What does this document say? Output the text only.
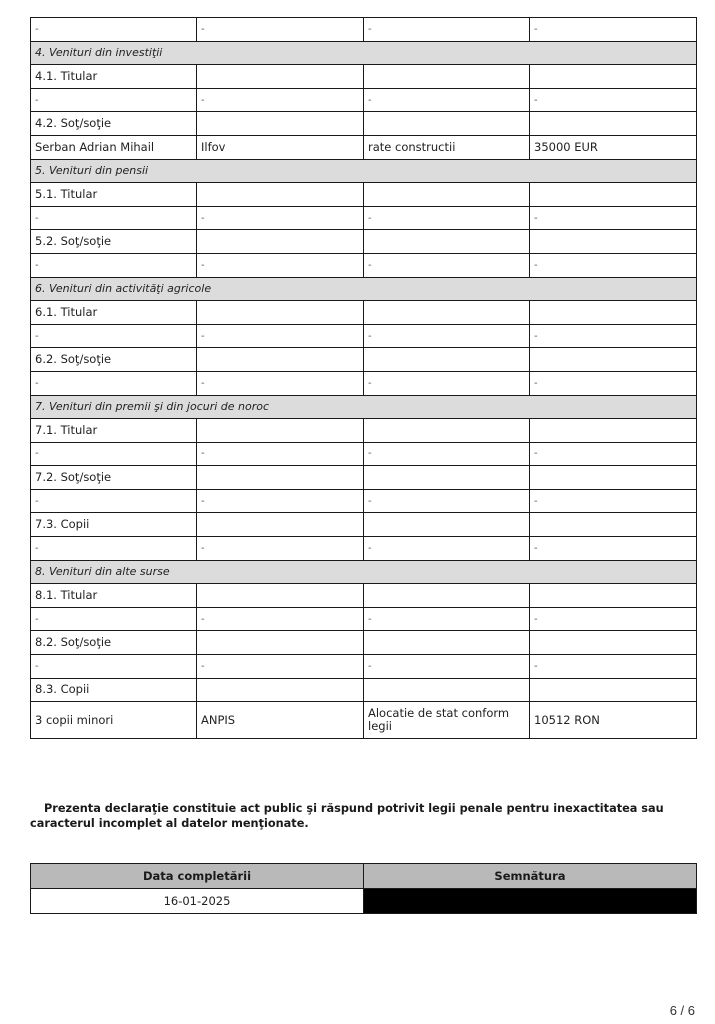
-	-	-	-
4. Venituri din investiţii			
4.1. Titular			
-	-	-	-
4.2. Soţ/soţie			
Serban Adrian Mihail	Ilfov	rate constructii	35000 EUR
5. Venituri din pensii			
5.1. Titular			
-	-	-	-
5.2. Soţ/soţie			
-	-	-	-
6. Venituri din activităţi agricole			
6.1. Titular			
-	-	-	-
6.2. Soţ/soţie			
-	-	-	-
7. Venituri din premii şi din jocuri de noroc			
7.1. Titular			
-	-	-	-
7.2. Soţ/soţie			
-	-	-	-
7.3. Copii			
-	-	-	-
8. Venituri din alte surse			
8.1. Titular			
-	-	-	-
8.2. Soţ/soţie			
-	-	-	-
8.3. Copii			
3 copii minori	ANPIS	Alocatie de stat conform legii	10512 RON
Prezenta declaraţie constituie act public şi răspund potrivit legii penale pentru inexactitatea sau caracterul incomplet al datelor menţionate.
Data completării	Semnătura
16-01-2025	
6 / 6
